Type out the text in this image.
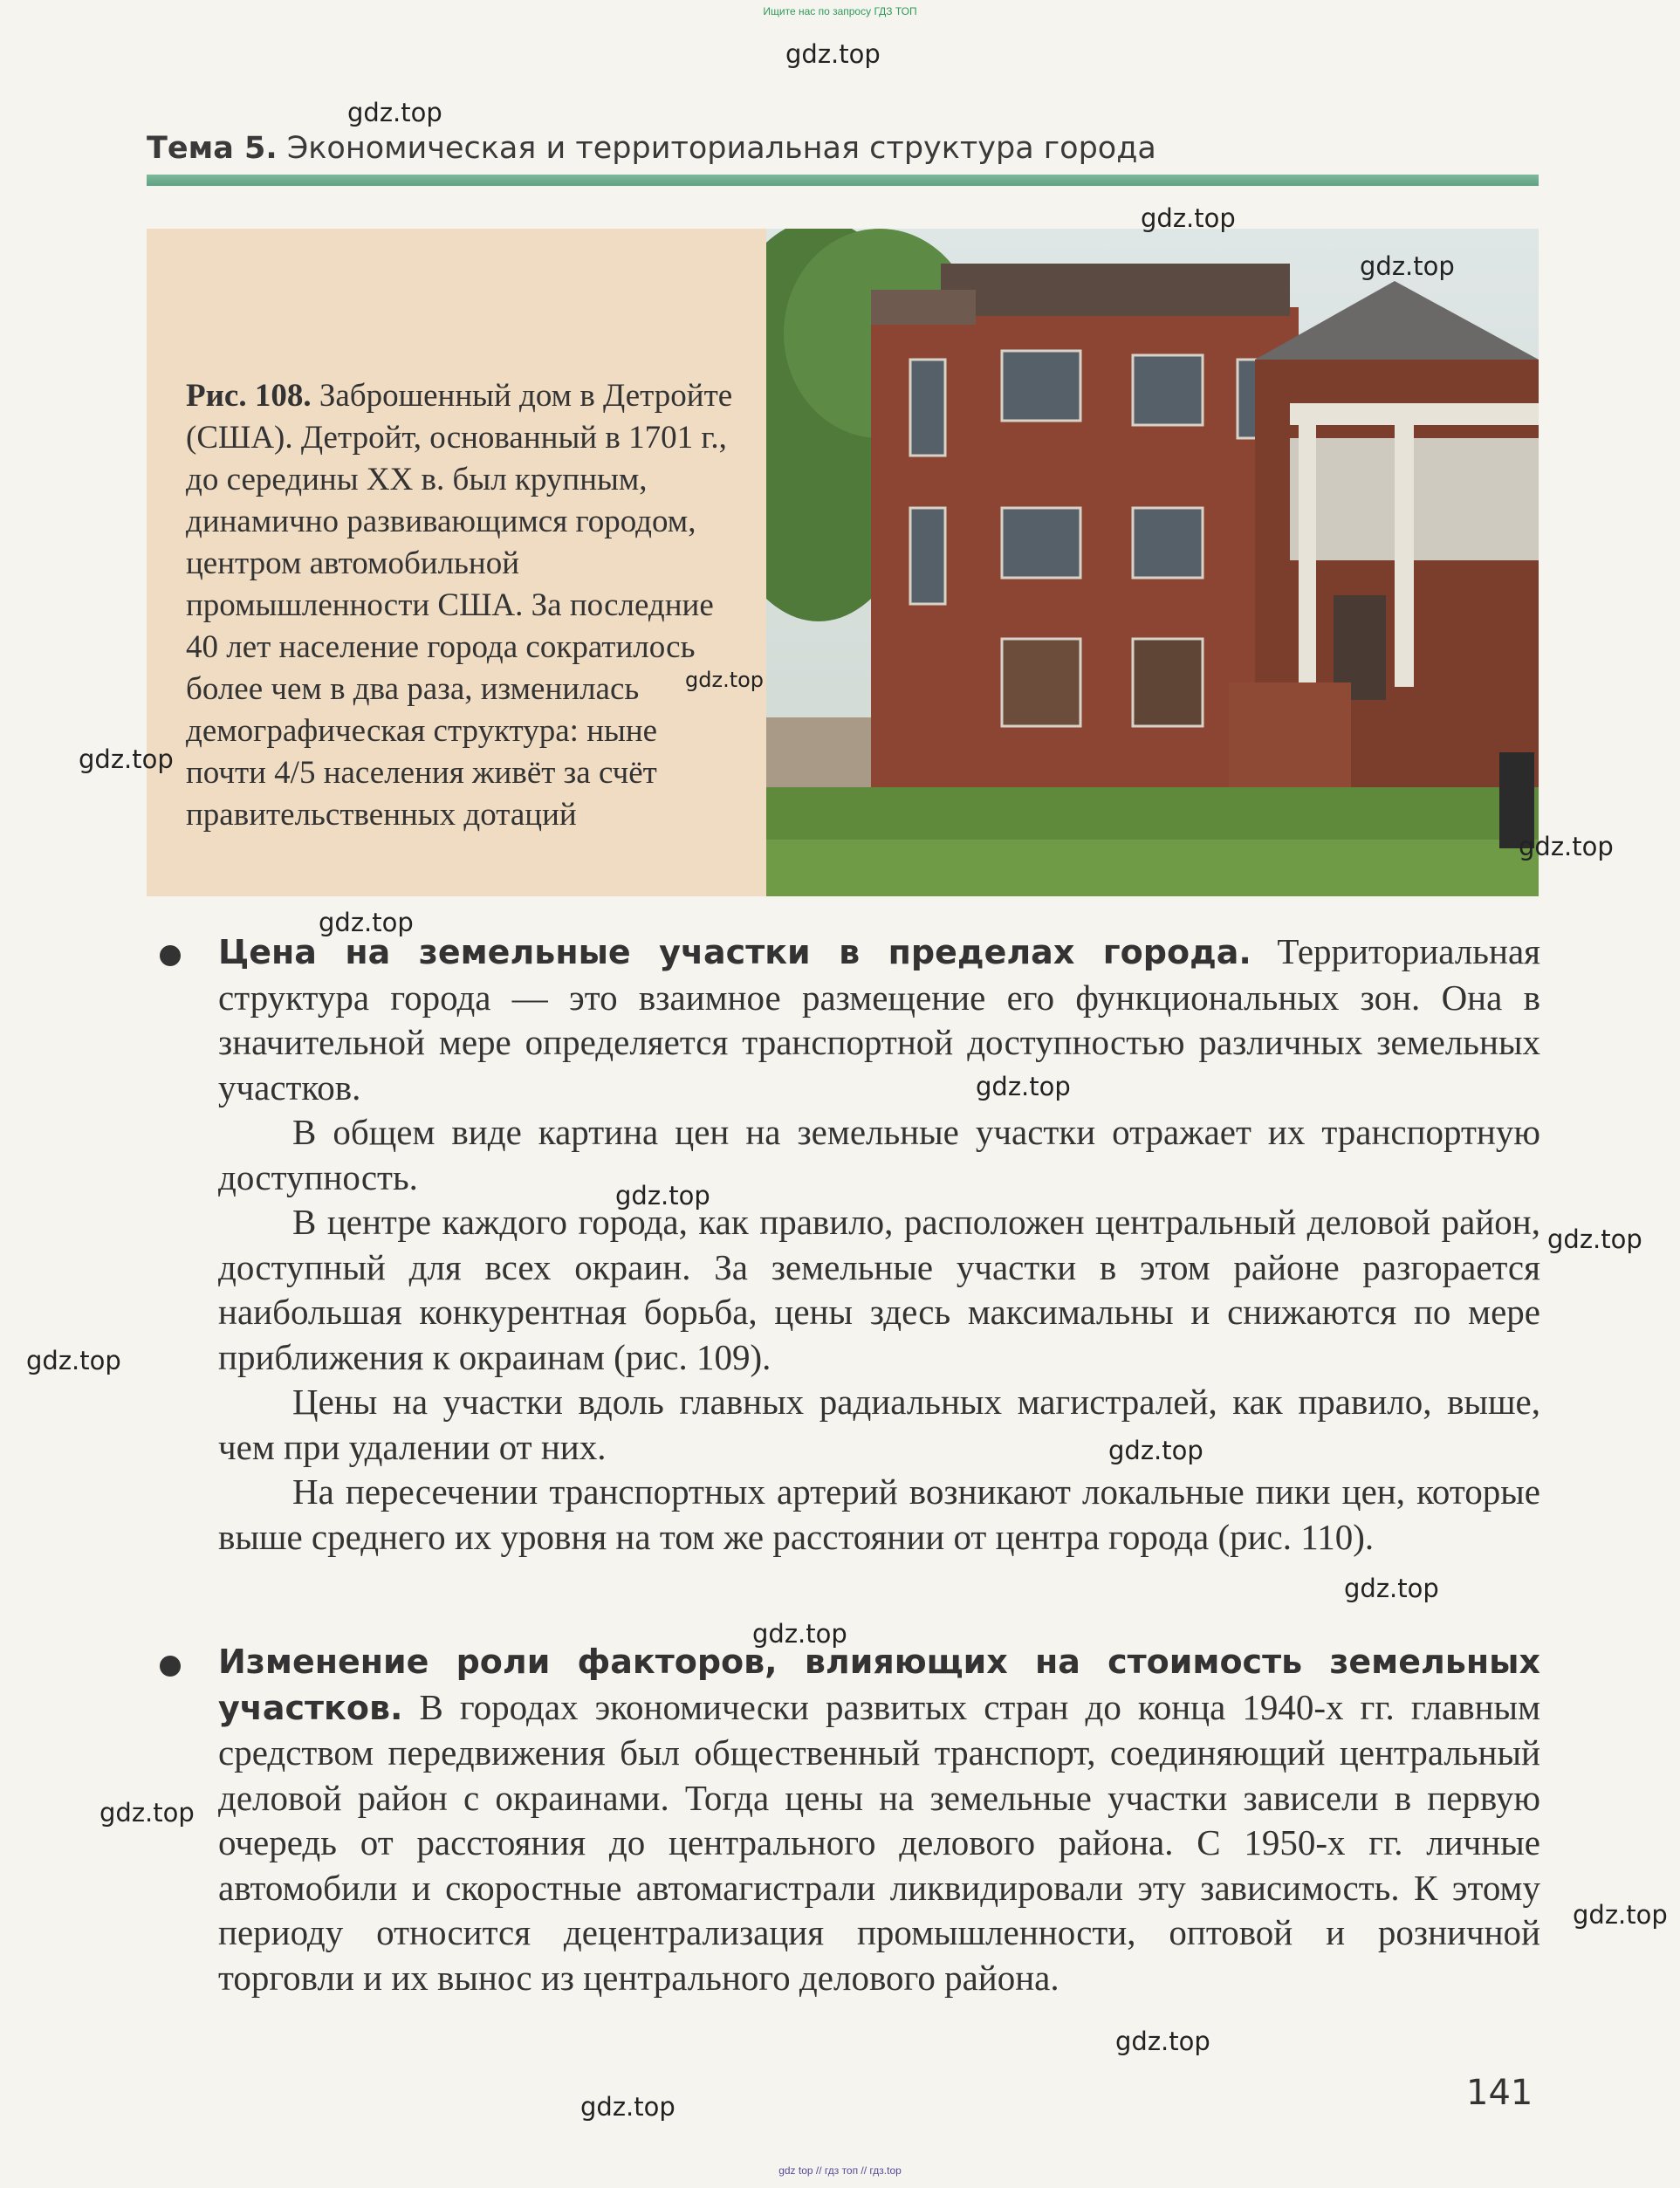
Ищите нас по запросу ГДЗ ТОП
Тема 5. Экономическая и территориальная структура города
Рис. 108. Заброшенный дом в Детройте (США). Детройт, основанный в 1701 г., до середины XX в. был крупным, динамично развивающимся городом, центром автомобильной промышленности США. За последние 40 лет население города сократилось более чем в два раза, изменилась демографическая структура: ныне почти 4/5 населения живёт за счёт правительственных дотаций

Цена на земельные участки в пределах города. Территориальная структура города — это взаимное размещение его функциональных зон. Она в значительной мере определяется транспортной доступностью различных земельных участков.

В общем виде картина цен на земельные участки отражает их транспортную доступность.

В центре каждого города, как правило, расположен центральный деловой район, доступный для всех окраин. За земельные участки в этом районе разгорается наибольшая конкурентная борьба, цены здесь максимальны и снижаются по мере приближения к окраинам (рис. 109).

Цены на участки вдоль главных радиальных магистралей, как правило, выше, чем при удалении от них.

На пересечении транспортных артерий возникают локальные пики цен, которые выше среднего их уровня на том же расстоянии от центра города (рис. 110).

Изменение роли факторов, влияющих на стоимость земельных участков. В городах экономически развитых стран до конца 1940-х гг. главным средством передвижения был общественный транспорт, соединяющий центральный деловой район с окраинами. Тогда цены на земельные участки зависели в первую очередь от расстояния до центрального делового района. С 1950-х гг. личные автомобили и скоростные автомагистрали ликвидировали эту зависимость. К этому периоду относится децентрализация промышленности, оптовой и розничной торговли и их вынос из центрального делового района.

141
gdz.top
gdz.top
gdz.top
gdz.top
gdz.top
gdz.top
gdz.top
gdz.top
gdz.top
gdz.top
gdz.top
gdz.top
gdz.top
gdz.top
gdz.top
gdz.top
gdz.top
gdz.top
gdz.top
gdz top // гдз топ // гдз.top
